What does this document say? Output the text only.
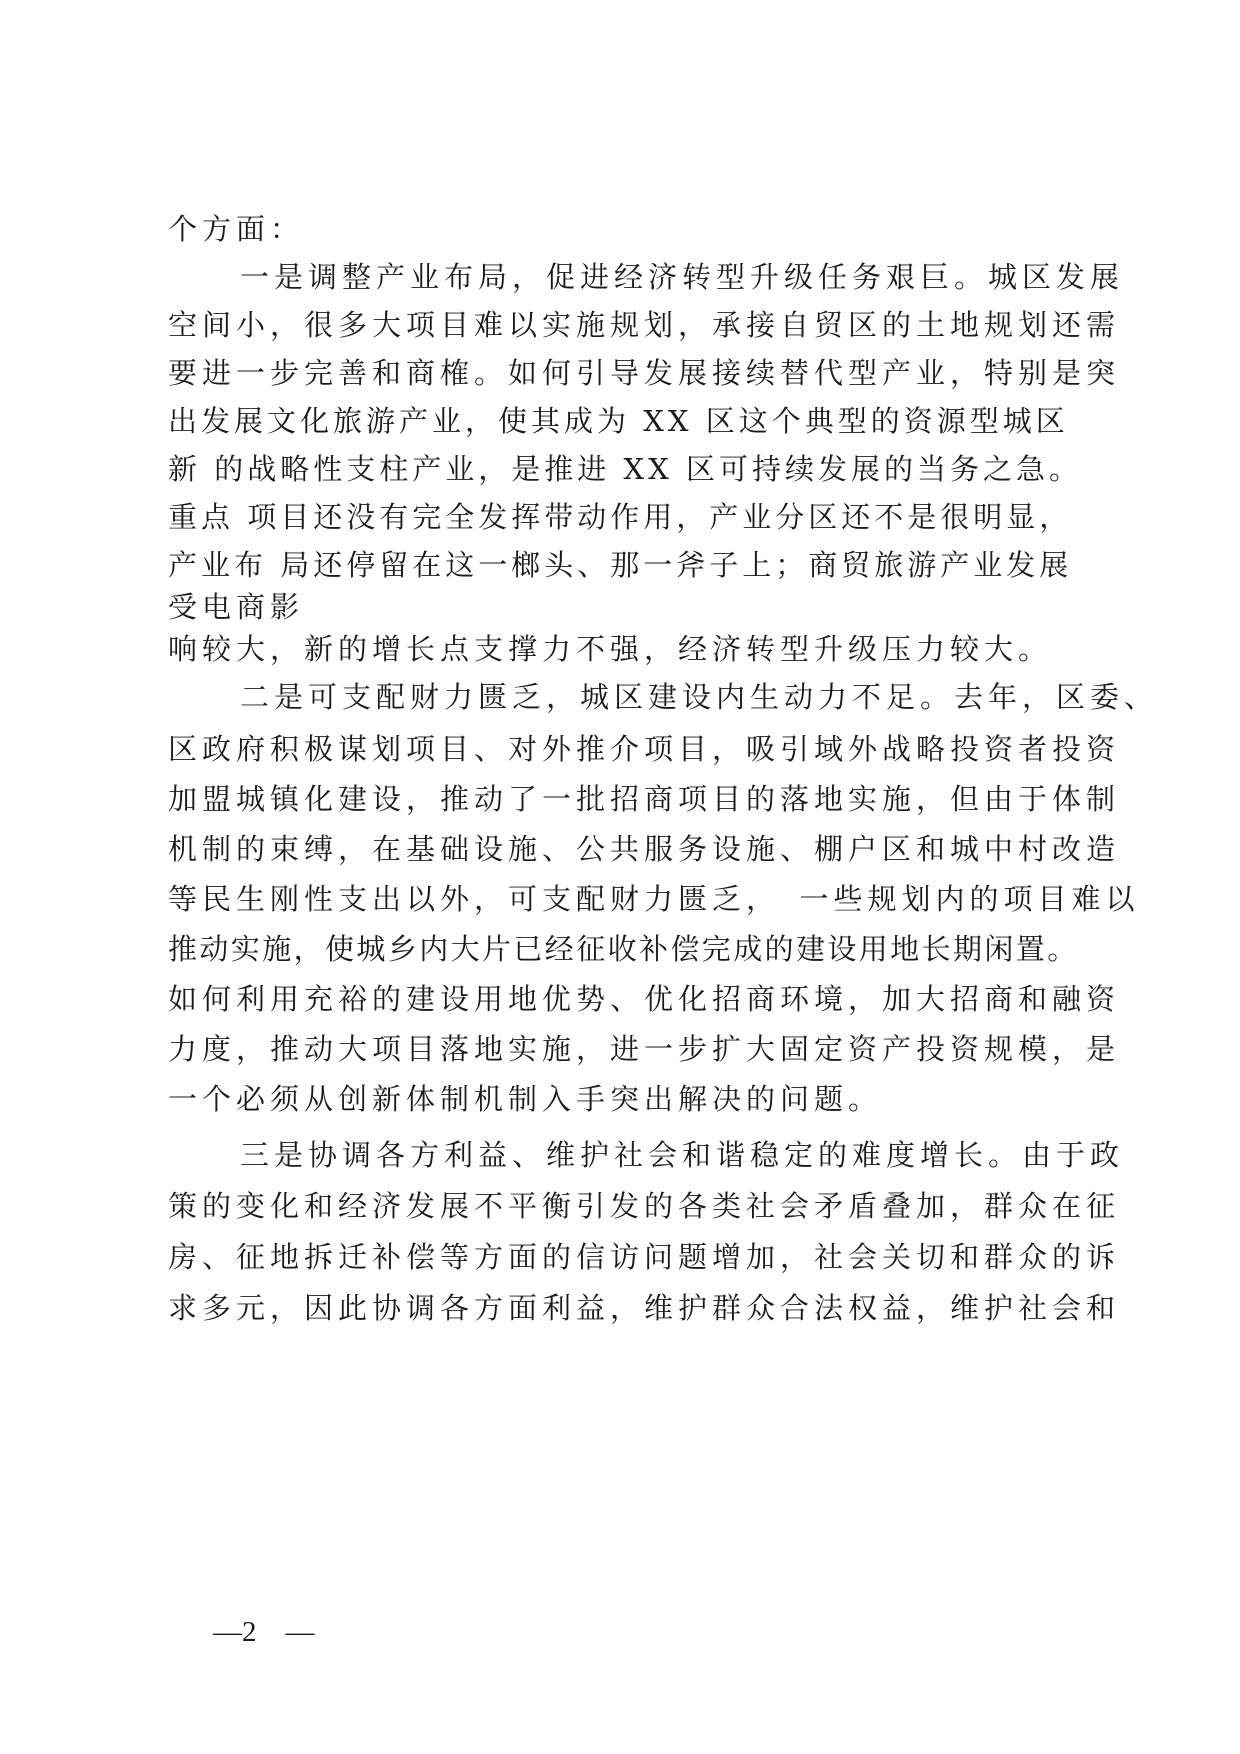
个方面：

一是调整产业布局，促进经济转型升级任务艰巨。城区发展

空间小，很多大项目难以实施规划，承接自贸区的土地规划还需

要进一步完善和商榷。如何引导发展接续替代型产业，特别是突

出发展文化旅游产业，使其成为 XX 区这个典型的资源型城区

新 的战略性支柱产业，是推进 XX 区可持续发展的当务之急。

重点 项目还没有完全发挥带动作用，产业分区还不是很明显，

产业布 局还停留在这一榔头、那一斧子上；商贸旅游产业发展

受电商影

响较大，新的增长点支撑力不强，经济转型升级压力较大。

二是可支配财力匮乏，城区建设内生动力不足。去年，区委、

区政府积极谋划项目、对外推介项目，吸引域外战略投资者投资

加盟城镇化建设，推动了一批招商项目的落地实施，但由于体制

机制的束缚，在基础设施、公共服务设施、棚户区和城中村改造

等民生刚性支出以外，可支配财力匮乏，　一些规划内的项目难以

推动实施，使城乡内大片已经征收补偿完成的建设用地长期闲置。

如何利用充裕的建设用地优势、优化招商环境，加大招商和融资

力度，推动大项目落地实施，进一步扩大固定资产投资规模，是

一个必须从创新体制机制入手突出解决的问题。

三是协调各方利益、维护社会和谐稳定的难度增长。由于政

策的变化和经济发展不平衡引发的各类社会矛盾叠加，群众在征

房、征地拆迁补偿等方面的信访问题增加，社会关切和群众的诉

求多元，因此协调各方面利益，维护群众合法权益，维护社会和

—2　—
